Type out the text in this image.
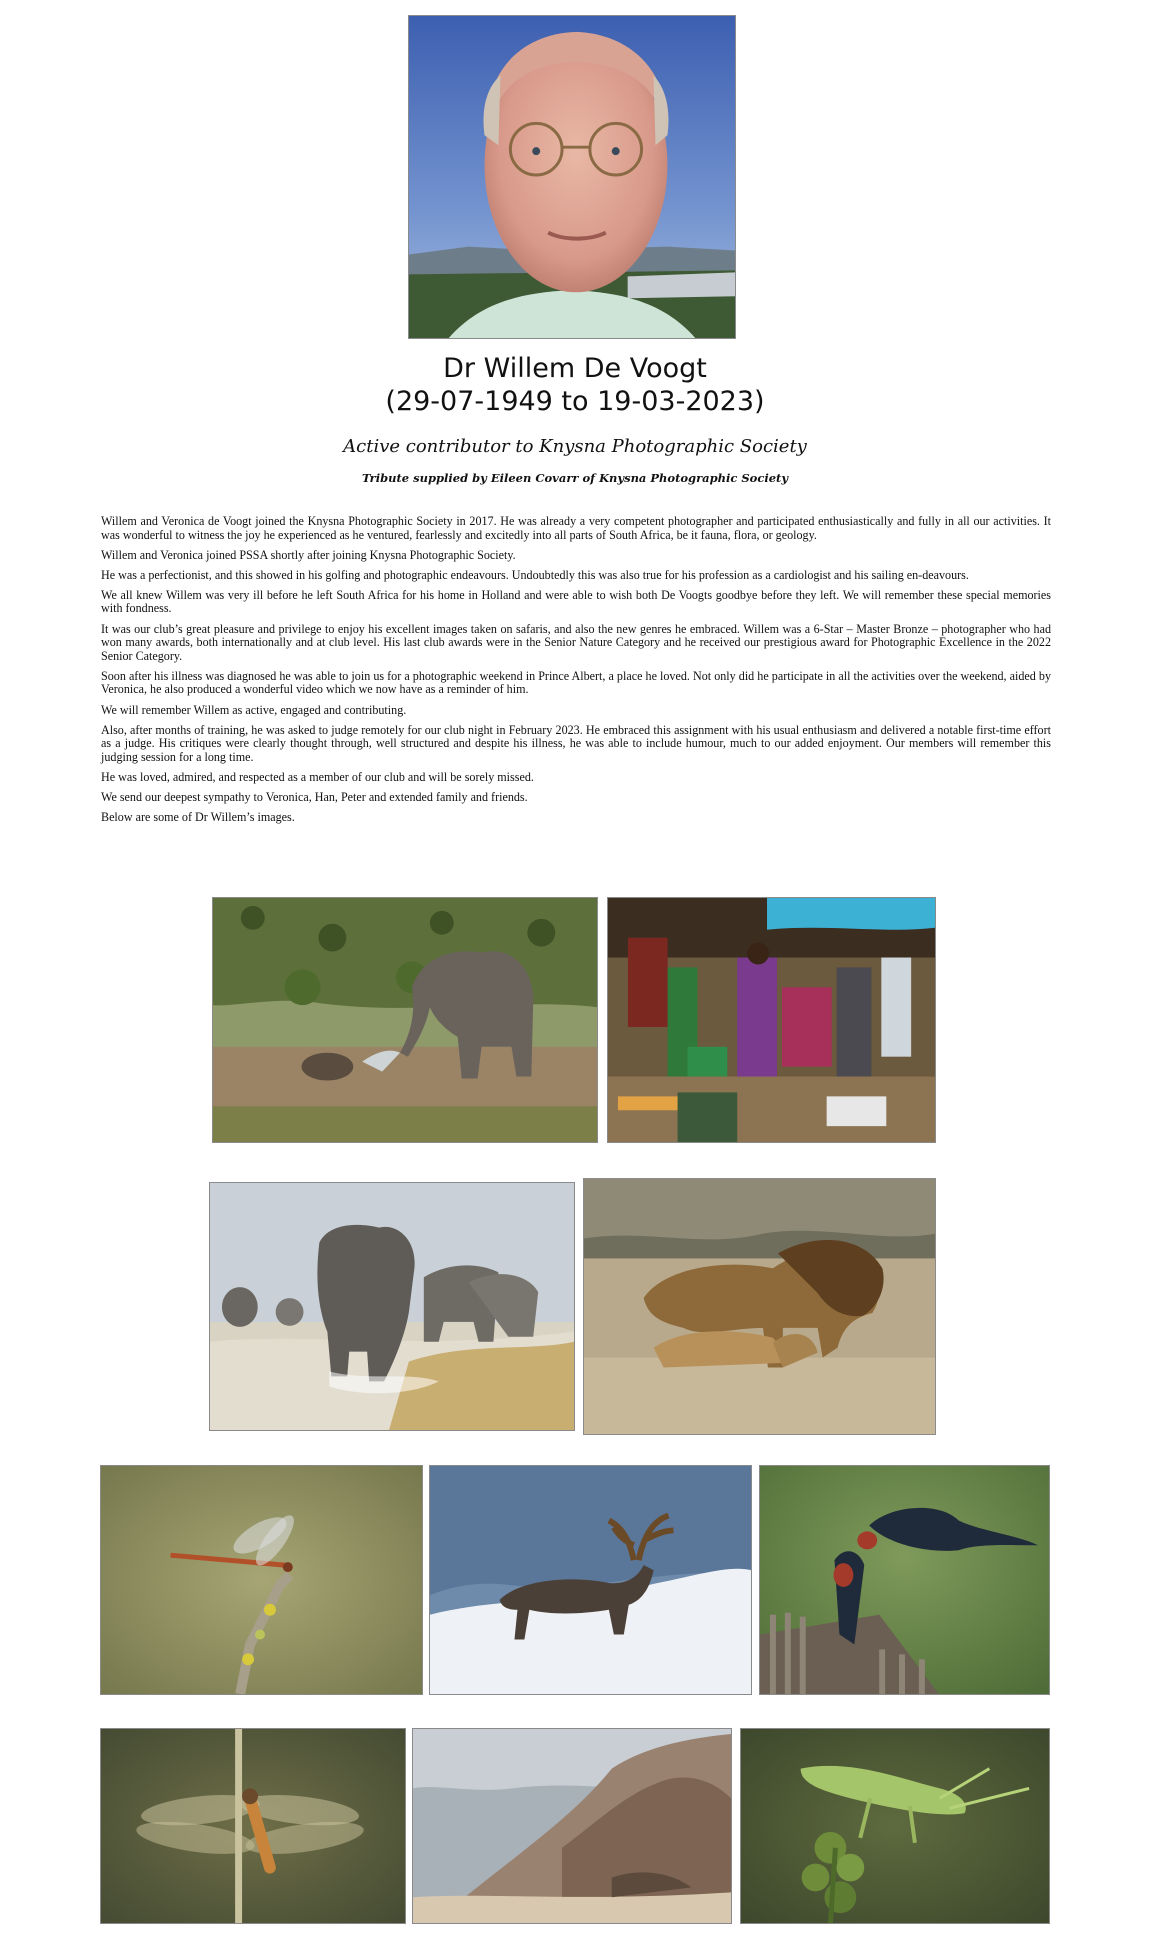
Dr Willem De Voogt
(29-07-1949 to 19-03-2023)
Active contributor to Knysna Photographic Society
Tribute supplied by Eileen Covarr of Knysna Photographic Society

Willem and Veronica de Voogt joined the Knysna Photographic Society in 2017. He was already a very competent photographer and participated enthusiastically and fully in all our activities. It was wonderful to witness the joy he experienced as he ventured, fearlessly and excitedly into all parts of South Africa, be it fauna, flora, or geology.

Willem and Veronica joined PSSA shortly after joining Knysna Photographic Society.

He was a perfectionist, and this showed in his golfing and photographic endeavours. Undoubtedly this was also true for his profession as a cardiologist and his sailing en-deavours.

We all knew Willem was very ill before he left South Africa for his home in Holland and were able to wish both De Voogts goodbye before they left. We will remember these special memories with fondness.

It was our club’s great pleasure and privilege to enjoy his excellent images taken on safaris, and also the new genres he embraced. Willem was a 6-Star – Master Bronze – photographer who had won many awards, both internationally and at club level. His last club awards were in the Senior Nature Category and he received our prestigious award for Photographic Excellence in the 2022 Senior Category.

Soon after his illness was diagnosed he was able to join us for a photographic weekend in Prince Albert, a place he loved. Not only did he participate in all the activities over the weekend, aided by Veronica, he also produced a wonderful video which we now have as a reminder of him.

We will remember Willem as active, engaged and contributing.

Also, after months of training, he was asked to judge remotely for our club night in February 2023. He embraced this assignment with his usual enthusiasm and delivered a notable first-time effort as a judge. His critiques were clearly thought through, well structured and despite his illness, he was able to include humour, much to our added enjoyment. Our members will remember this judging session for a long time.

He was loved, admired, and respected as a member of our club and will be sorely missed.

We send our deepest sympathy to Veronica, Han, Peter and extended family and friends.

Below are some of Dr Willem’s images.
